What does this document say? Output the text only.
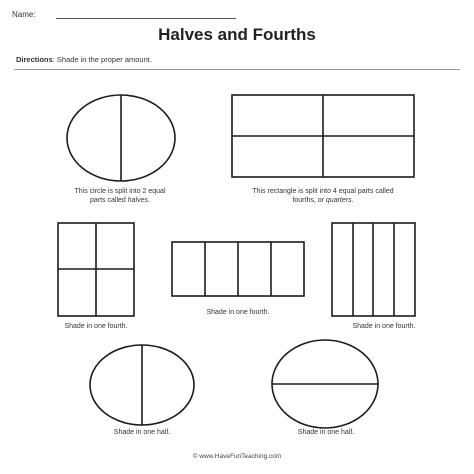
Name:
Halves and Fourths
Directions: Shade in the proper amount.
This circle is split into 2 equal
parts called halves.
This rectangle is split into 4 equal parts called
fourths, or quarters.
Shade in one fourth.
Shade in one fourth.
Shade in one fourth.
Shade in one half.	Shade in one half.
© www.HaveFunTeaching.com
